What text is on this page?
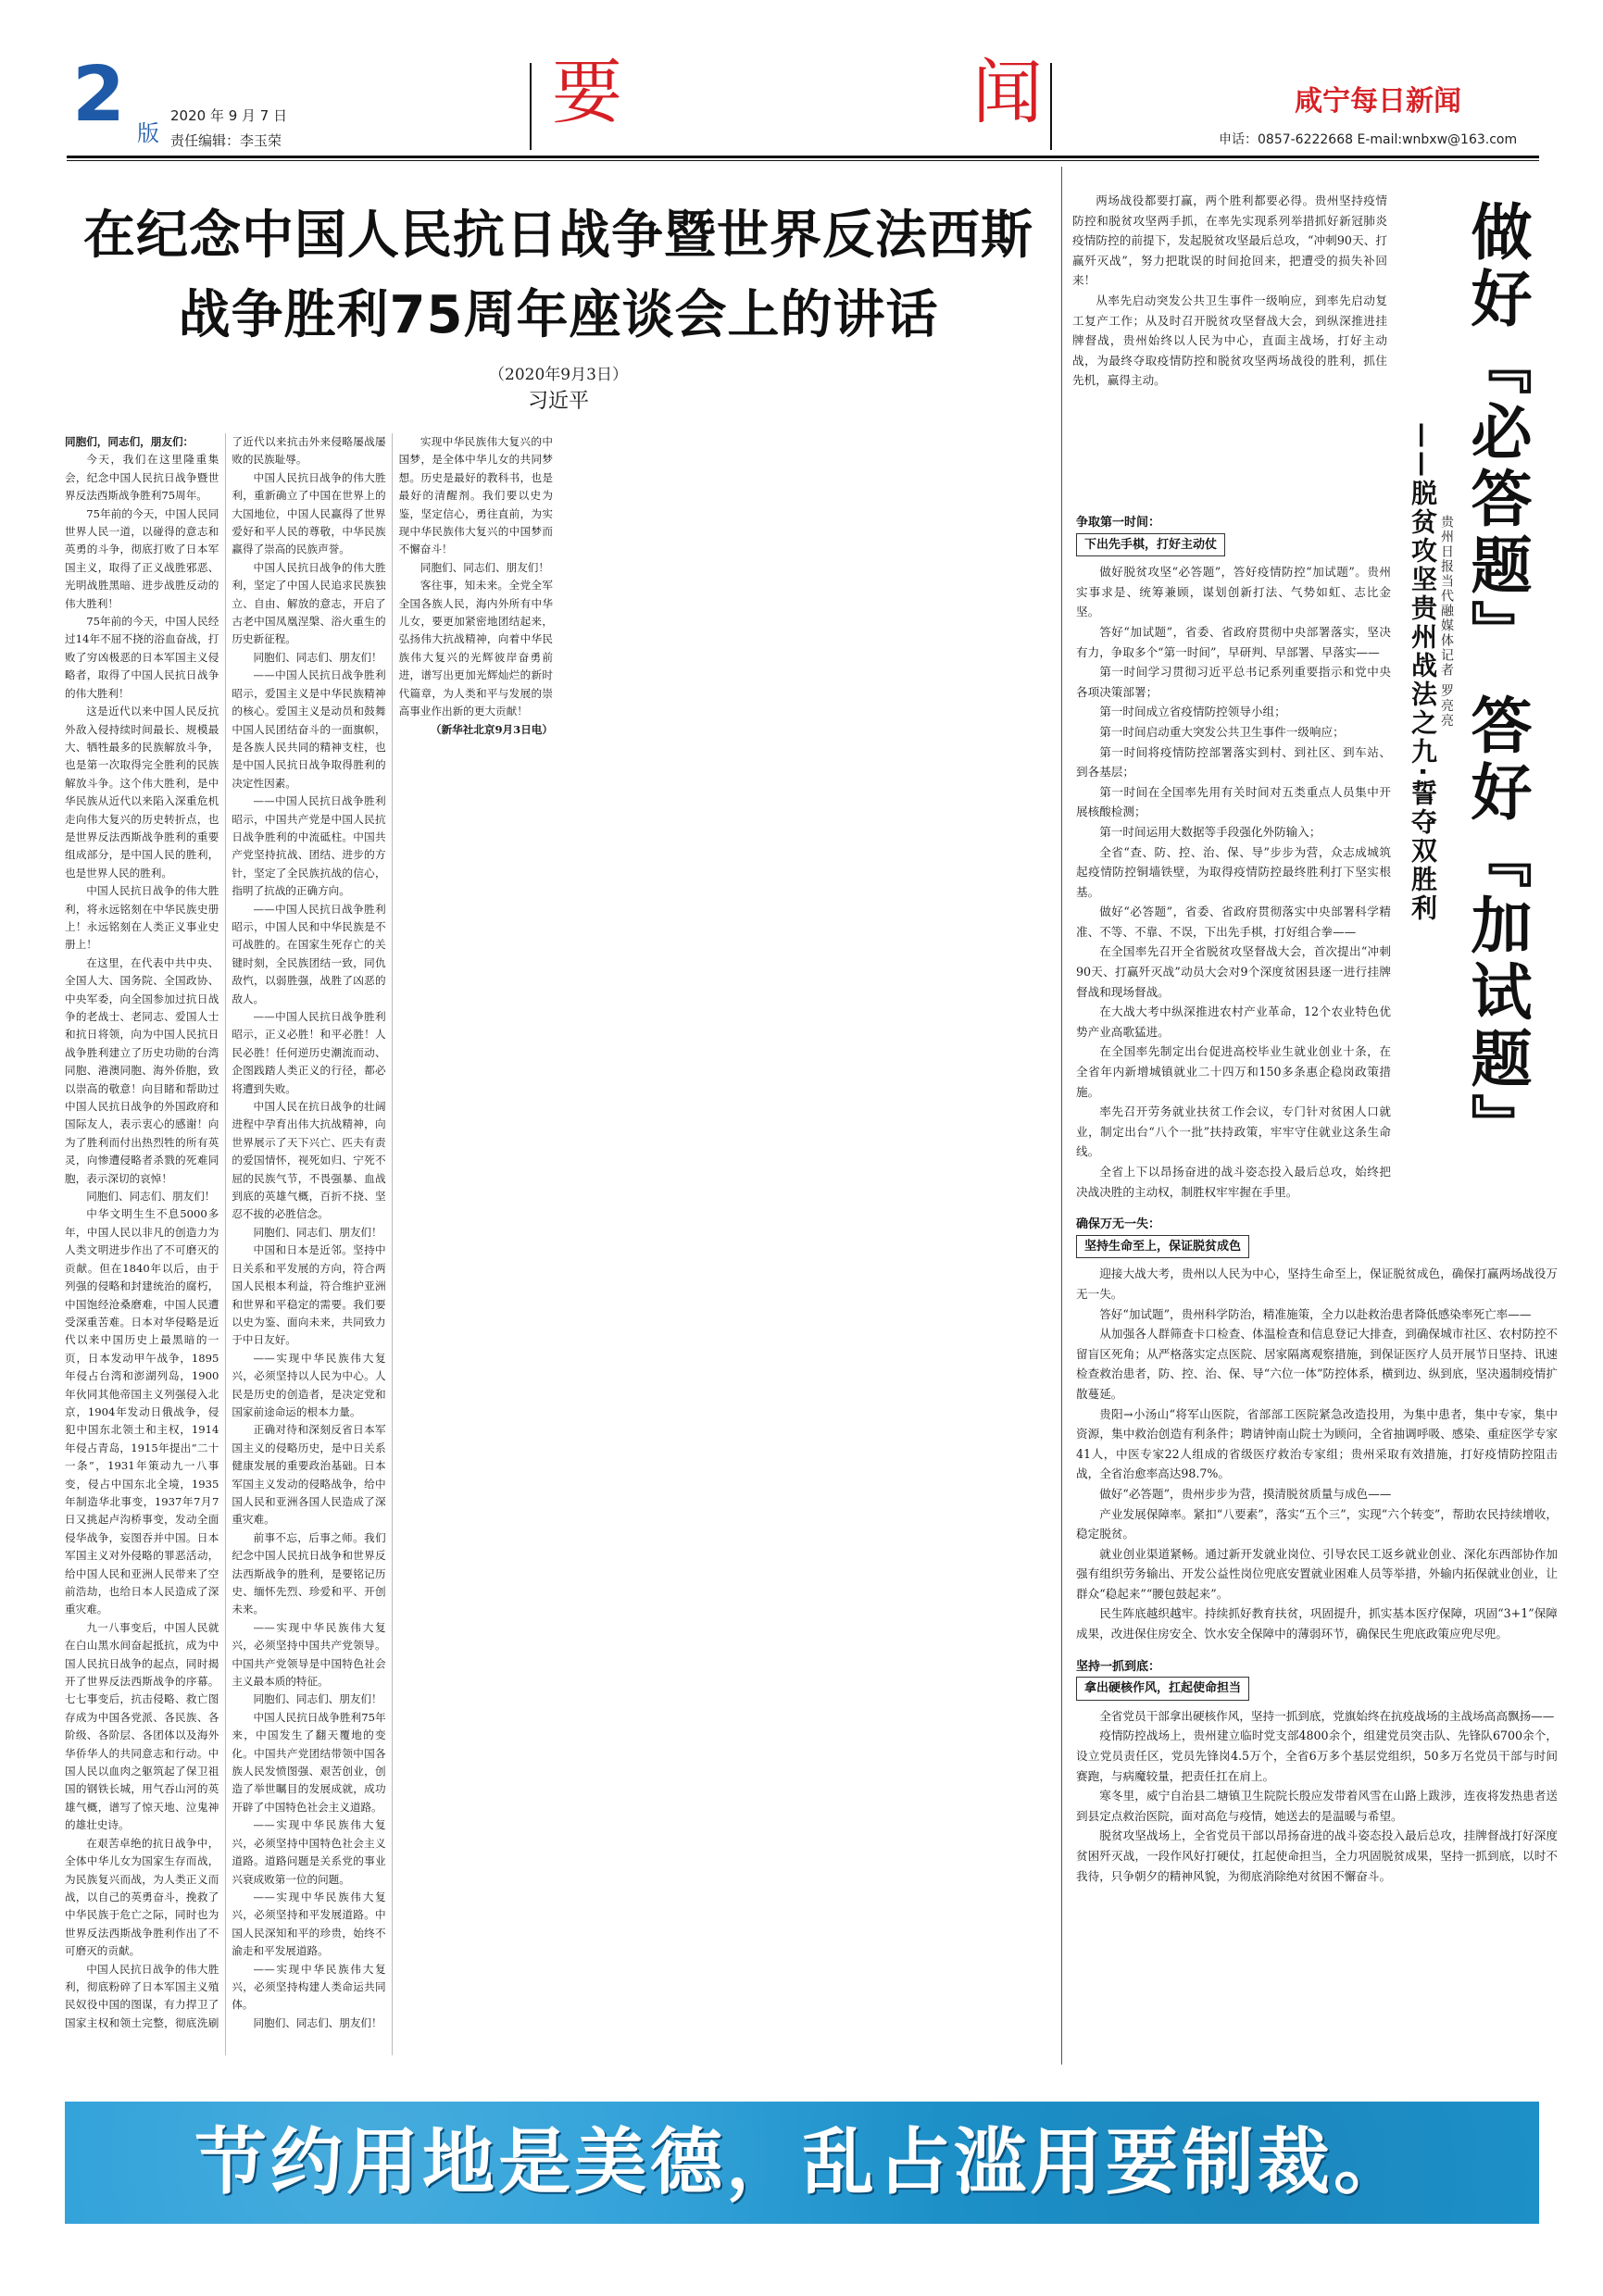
2 版
2020 年 9 月 7 日
责任编辑：李玉荣
要	闻	咸宁每日新闻
申话：0857-6222668 E-mail:wnbxw@163.com
在纪念中国人民抗日战争暨世界反法西斯
战争胜利75周年座谈会上的讲话
（2020年9月3日）
习近平

同胞们，同志们，朋友们：

今天，我们在这里隆重集会，纪念中国人民抗日战争暨世界反法西斯战争胜利75周年。

75年前的今天，中国人民同世界人民一道，以碰得的意志和英勇的斗争，彻底打败了日本军国主义，取得了正义战胜邪恶、光明战胜黑暗、进步战胜反动的伟大胜利！

75年前的今天，中国人民经过14年不屈不挠的浴血奋战，打败了穷凶极恶的日本军国主义侵略者，取得了中国人民抗日战争的伟大胜利！

这是近代以来中国人民反抗外敌入侵持续时间最长、规模最大、牺牲最多的民族解放斗争，也是第一次取得完全胜利的民族解放斗争。这个伟大胜利，是中华民族从近代以来陷入深重危机走向伟大复兴的历史转折点，也是世界反法西斯战争胜利的重要组成部分，是中国人民的胜利，也是世界人民的胜利。

中国人民抗日战争的伟大胜利，将永远铭刻在中华民族史册上！永远铭刻在人类正义事业史册上！

在这里，在代表中共中央、全国人大、国务院、全国政协、中央军委，向全国参加过抗日战争的老战士、老同志、爱国人士和抗日将领，向为中国人民抗日战争胜利建立了历史功勋的台湾同胞、港澳同胞、海外侨胞，致以崇高的敬意！向目睹和帮助过中国人民抗日战争的外国政府和国际友人，表示衷心的感谢！向为了胜利而付出热烈牲的所有英灵，向惨遭侵略者杀戮的死难同胞，表示深切的哀悼！

同胞们、同志们、朋友们！

中华文明生生不息5000多年，中国人民以非凡的创造力为人类文明进步作出了不可磨灭的贡献。但在1840年以后，由于列强的侵略和封建统治的腐朽，中国饱经沧桑磨难，中国人民遭受深重苦难。日本对华侵略是近代以来中国历史上最黑暗的一页，日本发动甲午战争，1895年侵占台湾和澎湖列岛，1900年伙同其他帝国主义列强侵入北京，1904年发动日俄战争，侵犯中国东北领土和主权，1914年侵占青岛，1915年提出“二十一条”，1931年策动九一八事变，侵占中国东北全境，1935年制造华北事变，1937年7月7日又挑起卢沟桥事变，发动全面侵华战争，妄图吞并中国。日本军国主义对外侵略的罪恶活动，给中国人民和亚洲人民带来了空前浩劫，也给日本人民造成了深重灾难。

九一八事变后，中国人民就在白山黑水间奋起抵抗，成为中国人民抗日战争的起点，同时揭开了世界反法西斯战争的序幕。七七事变后，抗击侵略、救亡图存成为中国各党派、各民族、各阶级、各阶层、各团体以及海外华侨华人的共同意志和行动。中国人民以血肉之躯筑起了保卫祖国的钢铁长城，用气吞山河的英雄气概，谱写了惊天地、泣鬼神的雄壮史诗。

在艰苦卓绝的抗日战争中，全体中华儿女为国家生存而战，为民族复兴而战，为人类正义而战，以自己的英勇奋斗，挽救了中华民族于危亡之际，同时也为世界反法西斯战争胜利作出了不可磨灭的贡献。

中国人民抗日战争的伟大胜利，彻底粉碎了日本军国主义殖民奴役中国的图谋，有力捍卫了国家主权和领土完整，彻底洗刷了近代以来抗击外来侵略屡战屡败的民族耻辱。

中国人民抗日战争的伟大胜利，重新确立了中国在世界上的大国地位，中国人民赢得了世界爱好和平人民的尊敬，中华民族赢得了崇高的民族声誉。

中国人民抗日战争的伟大胜利，坚定了中国人民追求民族独立、自由、解放的意志，开启了古老中国凤凰涅槃、浴火重生的历史新征程。

同胞们、同志们、朋友们！

——中国人民抗日战争胜利昭示，爱国主义是中华民族精神的核心。爱国主义是动员和鼓舞中国人民团结奋斗的一面旗帜，是各族人民共同的精神支柱，也是中国人民抗日战争取得胜利的决定性因素。

——中国人民抗日战争胜利昭示，中国共产党是中国人民抗日战争胜利的中流砥柱。中国共产党坚持抗战、团结、进步的方针，坚定了全民族抗战的信心，指明了抗战的正确方向。

——中国人民抗日战争胜利昭示，中国人民和中华民族是不可战胜的。在国家生死存亡的关键时刻，全民族团结一致，同仇敌忾，以弱胜强，战胜了凶恶的敌人。

——中国人民抗日战争胜利昭示，正义必胜！和平必胜！人民必胜！任何逆历史潮流而动、企图践踏人类正义的行径，都必将遭到失败。

中国人民在抗日战争的壮阔进程中孕育出伟大抗战精神，向世界展示了天下兴亡、匹夫有责的爱国情怀，视死如归、宁死不屈的民族气节，不畏强暴、血战到底的英雄气概，百折不挠、坚忍不拔的必胜信念。

同胞们、同志们、朋友们！

中国和日本是近邻。坚持中日关系和平发展的方向，符合两国人民根本利益，符合维护亚洲和世界和平稳定的需要。我们要以史为鉴、面向未来，共同致力于中日友好。

——实现中华民族伟大复兴，必须坚持以人民为中心。人民是历史的创造者，是决定党和国家前途命运的根本力量。

正确对待和深刻反省日本军国主义的侵略历史，是中日关系健康发展的重要政治基础。日本军国主义发动的侵略战争，给中国人民和亚洲各国人民造成了深重灾难。

前事不忘，后事之师。我们纪念中国人民抗日战争和世界反法西斯战争的胜利，是要铭记历史、缅怀先烈、珍爱和平、开创未来。

——实现中华民族伟大复兴，必须坚持中国共产党领导。中国共产党领导是中国特色社会主义最本质的特征。

同胞们、同志们、朋友们！

中国人民抗日战争胜利75年来，中国发生了翻天覆地的变化。中国共产党团结带领中国各族人民发愤图强、艰苦创业，创造了举世瞩目的发展成就，成功开辟了中国特色社会主义道路。

——实现中华民族伟大复兴，必须坚持中国特色社会主义道路。道路问题是关系党的事业兴衰成败第一位的问题。

——实现中华民族伟大复兴，必须坚持和平发展道路。中国人民深知和平的珍贵，始终不渝走和平发展道路。

——实现中华民族伟大复兴，必须坚持构建人类命运共同体。

同胞们、同志们、朋友们！

实现中华民族伟大复兴的中国梦，是全体中华儿女的共同梦想。历史是最好的教科书，也是最好的清醒剂。我们要以史为鉴，坚定信心，勇往直前，为实现中华民族伟大复兴的中国梦而不懈奋斗！

同胞们、同志们、朋友们！

客往事，知未来。全党全军全国各族人民，海内外所有中华儿女，要更加紧密地团结起来，弘扬伟大抗战精神，向着中华民族伟大复兴的光辉彼岸奋勇前进，谱写出更加光辉灿烂的新时代篇章，为人类和平与发展的崇高事业作出新的更大贡献！

（新华社北京9月3日电）

两场战役都要打赢，两个胜利都要必得。贵州坚持疫情防控和脱贫攻坚两手抓，在率先实现系列举措抓好新冠肺炎疫情防控的前提下，发起脱贫攻坚最后总攻，“冲刺90天、打赢歼灭战”，努力把耽误的时间抢回来，把遭受的损失补回来！

从率先启动突发公共卫生事件一级响应，到率先启动复工复产工作；从及时召开脱贫攻坚督战大会，到纵深推进挂牌督战，贵州始终以人民为中心，直面主战场，打好主动战，为最终夺取疫情防控和脱贫攻坚两场战役的胜利，抓住先机，赢得主动。	做好『必答题』 答好『加试题』
——脱贫攻坚贵州战法之九·誓夺双胜利 贵州日报当代融媒体记者 罗亮亮
争取第一时间：
下出先手棋，打好主动仗

做好脱贫攻坚“必答题”，答好疫情防控“加试题”。贵州实事求是、统筹兼顾，谋划创新打法、气势如虹、志比金坚。

答好“加试题”，省委、省政府贯彻中央部署落实，坚决有力，争取多个“第一时间”，早研判、早部署、早落实——

第一时间学习贯彻习近平总书记系列重要指示和党中央各项决策部署；

第一时间成立省疫情防控领导小组；

第一时间启动重大突发公共卫生事件一级响应；

第一时间将疫情防控部署落实到村、到社区、到车站、到各基层；

第一时间在全国率先用有关时间对五类重点人员集中开展核酸检测；

第一时间运用大数据等手段强化外防输入；

全省“查、防、控、治、保、导”步步为营，众志成城筑起疫情防控铜墙铁壁，为取得疫情防控最终胜利打下坚实根基。

做好“必答题”，省委、省政府贯彻落实中央部署科学精准、不等、不靠、不误，下出先手棋，打好组合拳——

在全国率先召开全省脱贫攻坚督战大会，首次提出“冲刺90天、打赢歼灭战”动员大会对9个深度贫困县逐一进行挂牌督战和现场督战。

在大战大考中纵深推进农村产业革命，12个农业特色优势产业高歌猛进。

在全国率先制定出台促进高校毕业生就业创业十条，在全省年内新增城镇就业二十四万和150多条惠企稳岗政策措施。

率先召开劳务就业扶贫工作会议，专门针对贫困人口就业，制定出台“八个一批”扶持政策，牢牢守住就业这条生命线。

全省上下以昂扬奋进的战斗姿态投入最后总攻，始终把决战决胜的主动权，制胜权牢牢握在手里。

确保万无一失：
坚持生命至上，保证脱贫成色

迎接大战大考，贵州以人民为中心，坚持生命至上，保证脱贫成色，确保打赢两场战役万无一失。

答好“加试题”，贵州科学防治，精准施策，全力以赴救治患者降低感染率死亡率——

从加强各人群筛查卡口检查、体温检查和信息登记大排查，到确保城市社区、农村防控不留盲区死角；从严格落实定点医院、居家隔离观察措施，到保证医疗人员开展节日坚持、讯速检查救治患者，防、控、治、保、导“六位一体”防控体系，横到边、纵到底，坚决遏制疫情扩散蔓延。

贵阳→小汤山“将军山医院，省部部工医院紧急改造投用，为集中患者，集中专家，集中资源，集中救治创造有利条件；聘请钟南山院士为顾问，全省抽调呼吸、感染、重症医学专家41人，中医专家22人组成的省级医疗救治专家组；贵州采取有效措施，打好疫情防控阻击战，全省治愈率高达98.7%。

做好“必答题”，贵州步步为营，摸清脱贫质量与成色——

产业发展保障率。紧扣“八要素”，落实“五个三”，实现“六个转变”，帮助农民持续增收，稳定脱贫。

就业创业渠道紧畅。通过新开发就业岗位、引导农民工返乡就业创业、深化东西部协作加强有组织劳务输出、开发公益性岗位兜底安置就业困难人员等举措，外输内拓保就业创业，让群众“稳起来”“腰包鼓起来”。

民生阵底越织越牢。持续抓好教育扶贫，巩固提升，抓实基本医疗保障，巩固“3+1”保障成果，改进保住房安全、饮水安全保障中的薄弱环节，确保民生兜底政策应兜尽兜。

坚持一抓到底：
拿出硬核作风，扛起使命担当

全省党员干部拿出硬核作风，坚持一抓到底，党旗始终在抗疫战场的主战场高高飘扬——

疫情防控战场上，贵州建立临时党支部4800余个，组建党员突击队、先锋队6700余个，设立党员责任区，党员先锋岗4.5万个，全省6万多个基层党组织，50多万名党员干部与时间赛跑，与病魔较量，把责任扛在肩上。

寒冬里，威宁自治县二塘镇卫生院院长殷应发带着风雪在山路上跋涉，连夜将发热患者送到县定点救治医院，面对高危与疫情，她送去的是温暖与希望。

脱贫攻坚战场上，全省党员干部以昂扬奋进的战斗姿态投入最后总攻，挂牌督战打好深度贫困歼灭战，一段作风好打硬仗，扛起使命担当，全力巩固脱贫成果，坚持一抓到底，以时不我待，只争朝夕的精神风貌，为彻底消除绝对贫困不懈奋斗。

节约用地是美德，乱占滥用要制裁。
